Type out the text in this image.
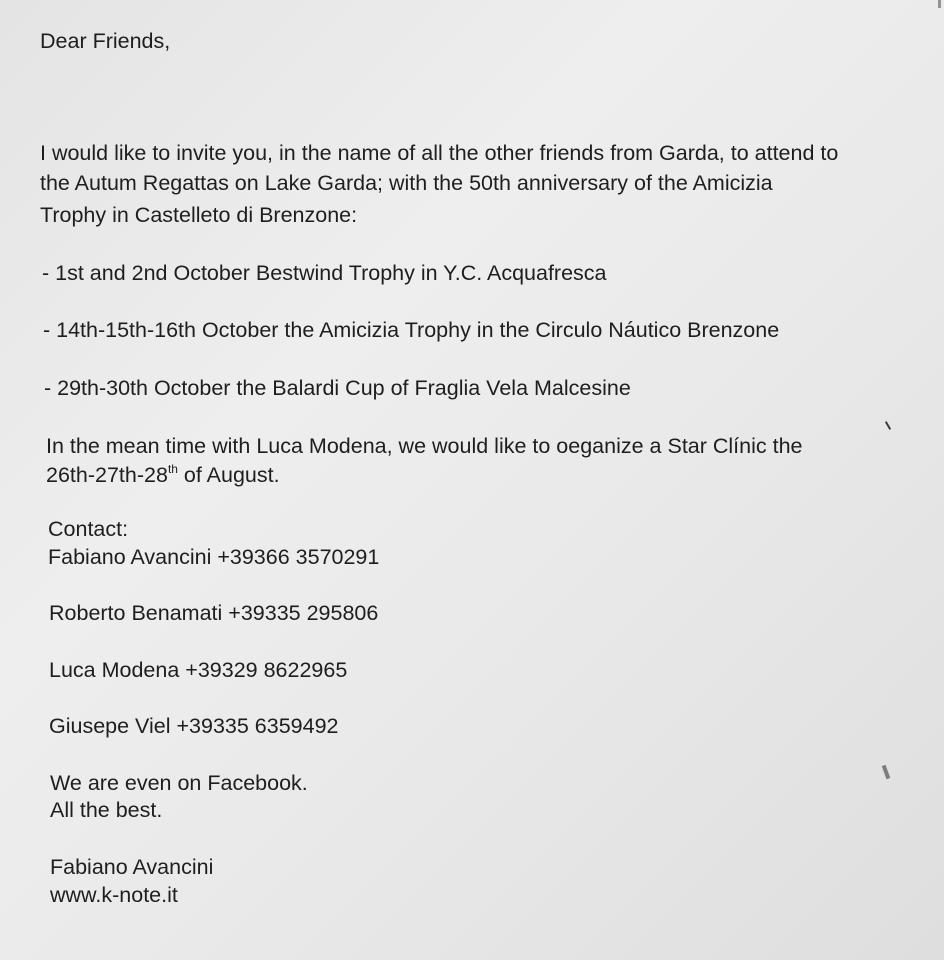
Dear Friends,
I would like to invite you, in the name of all the other friends from Garda, to attend to
the Autum Regattas on Lake Garda; with the 50th anniversary of the Amicizia
Trophy in Castelleto di Brenzone:
- 1st and 2nd October Bestwind Trophy in Y.C. Acquafresca
- 14th-15th-16th October the Amicizia Trophy in the Circulo Náutico Brenzone
- 29th-30th October the Balardi Cup of Fraglia Vela Malcesine
In the mean time with Luca Modena, we would like to oeganize a Star Clínic the
26th-27th-28th of August.
Contact:
Fabiano Avancini +39366 3570291
Roberto Benamati +39335 295806
Luca Modena +39329 8622965
Giusepe Viel +39335 6359492
We are even on Facebook.
All the best.
Fabiano Avancini
www.k-note.it
